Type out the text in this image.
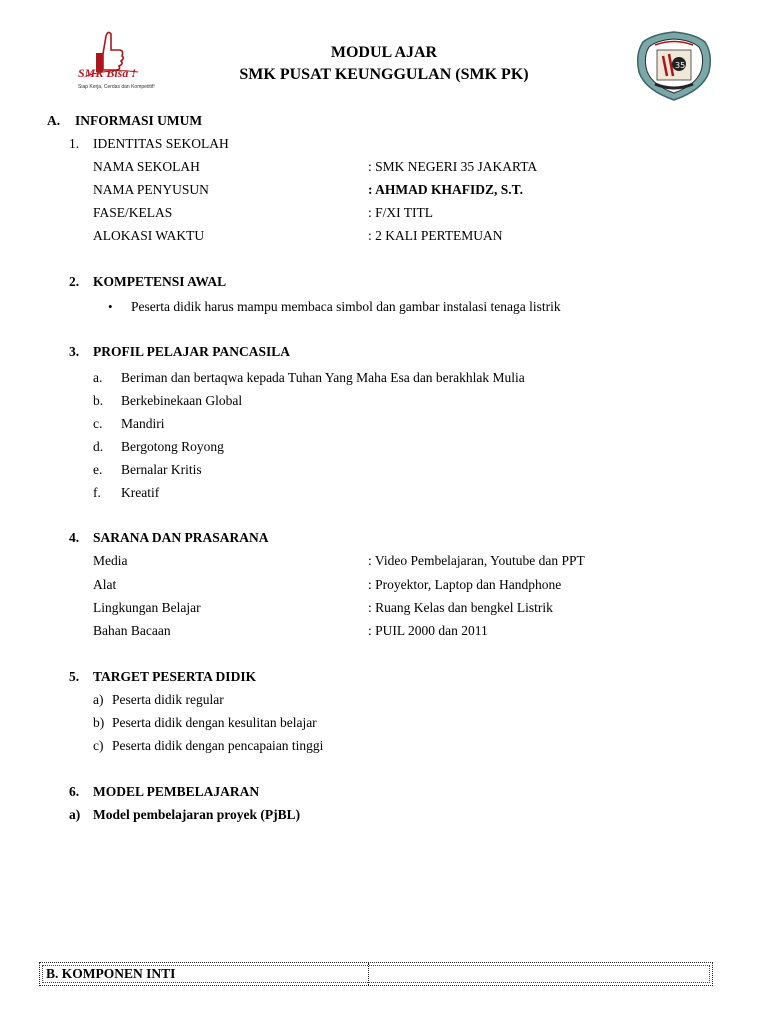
SMK Bisa !
Siap Kerja, Cerdas dan Kompetitif!
35
MODUL AJAR
SMK PUSAT KEUNGGULAN (SMK PK)
A. INFORMASI UMUM
1. IDENTITAS SEKOLAH
NAMA SEKOLAH	: SMK NEGERI 35 JAKARTA
NAMA PENYUSUN	: AHMAD KHAFIDZ, S.T.
FASE/KELAS	: F/XI TITL
ALOKASI WAKTU	: 2 KALI PERTEMUAN
2. KOMPETENSI AWAL
• Peserta didik harus mampu membaca simbol dan gambar instalasi tenaga listrik
3. PROFIL PELAJAR PANCASILA
a. Beriman dan bertaqwa kepada Tuhan Yang Maha Esa dan berakhlak Mulia
b. Berkebinekaan Global
c. Mandiri
d. Bergotong Royong
e. Bernalar Kritis
f. Kreatif
4. SARANA DAN PRASARANA
Media	: Video Pembelajaran, Youtube dan PPT
Alat	: Proyektor, Laptop dan Handphone
Lingkungan Belajar	: Ruang Kelas dan bengkel Listrik
Bahan Bacaan	: PUIL 2000 dan 2011
5. TARGET PESERTA DIDIK
a) Peserta didik regular
b) Peserta didik dengan kesulitan belajar
c) Peserta didik dengan pencapaian tinggi
6. MODEL PEMBELAJARAN
a) Model pembelajaran proyek (PjBL)
B. KOMPONEN INTI
